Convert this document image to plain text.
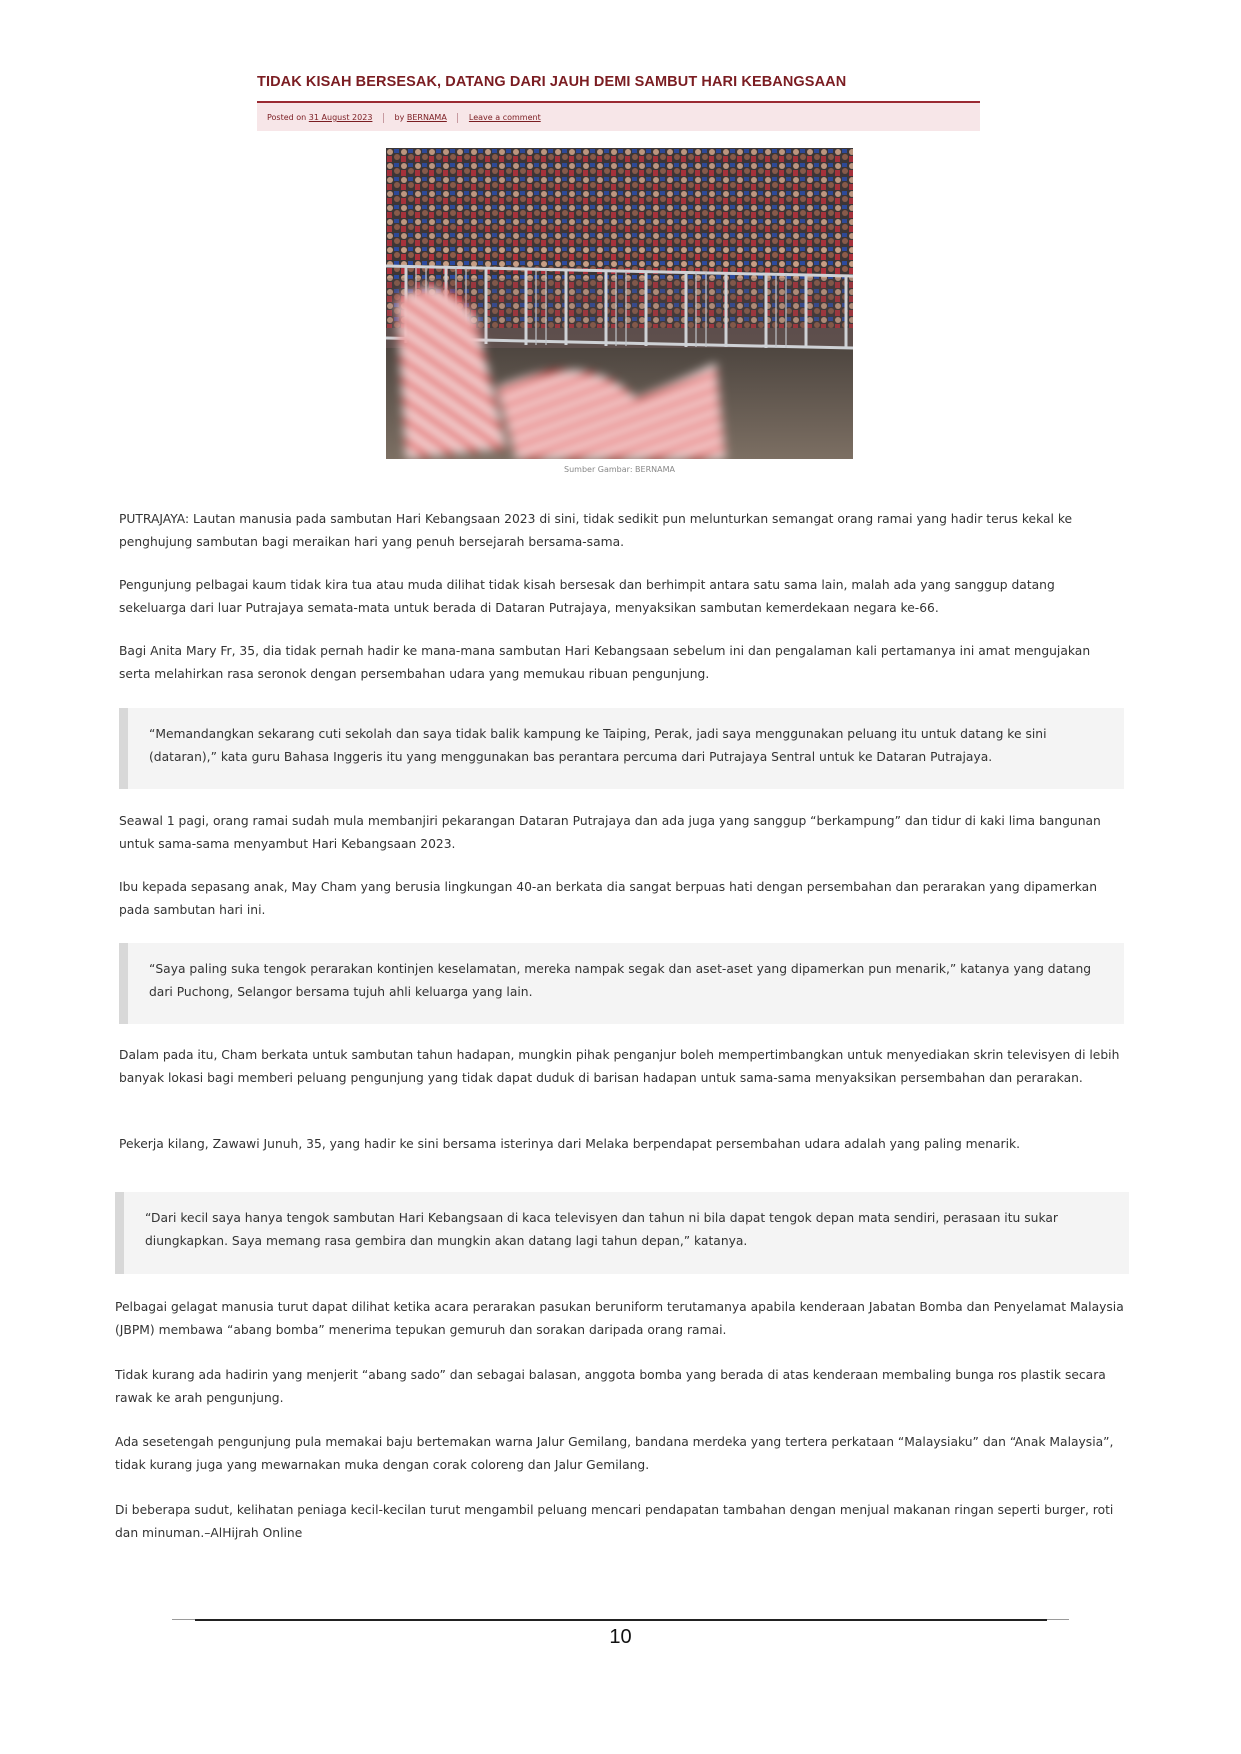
TIDAK KISAH BERSESAK, DATANG DARI JAUH DEMI SAMBUT HARI KEBANGSAAN
Posted on 31 August 2023	by BERNAMA	Leave a comment
Sumber Gambar: BERNAMA

PUTRAJAYA: Lautan manusia pada sambutan Hari Kebangsaan 2023 di sini, tidak sedikit pun melunturkan semangat orang ramai yang hadir terus kekal ke penghujung sambutan bagi meraikan hari yang penuh bersejarah bersama-sama.

Pengunjung pelbagai kaum tidak kira tua atau muda dilihat tidak kisah bersesak dan berhimpit antara satu sama lain, malah ada yang sanggup datang sekeluarga dari luar Putrajaya semata-mata untuk berada di Dataran Putrajaya, menyaksikan sambutan kemerdekaan negara ke-66.

Bagi Anita Mary Fr, 35, dia tidak pernah hadir ke mana-mana sambutan Hari Kebangsaan sebelum ini dan pengalaman kali pertamanya ini amat mengujakan serta melahirkan rasa seronok dengan persembahan udara yang memukau ribuan pengunjung.

“Memandangkan sekarang cuti sekolah dan saya tidak balik kampung ke Taiping, Perak, jadi saya menggunakan peluang itu untuk datang ke sini (dataran),” kata guru Bahasa Inggeris itu yang menggunakan bas perantara percuma dari Putrajaya Sentral untuk ke Dataran Putrajaya.

Seawal 1 pagi, orang ramai sudah mula membanjiri pekarangan Dataran Putrajaya dan ada juga yang sanggup “berkampung” dan tidur di kaki lima bangunan untuk sama-sama menyambut Hari Kebangsaan 2023.

Ibu kepada sepasang anak, May Cham yang berusia lingkungan 40-an berkata dia sangat berpuas hati dengan persembahan dan perarakan yang dipamerkan pada sambutan hari ini.

“Saya paling suka tengok perarakan kontinjen keselamatan, mereka nampak segak dan aset-aset yang dipamerkan pun menarik,” katanya yang datang dari Puchong, Selangor bersama tujuh ahli keluarga yang lain.

Dalam pada itu, Cham berkata untuk sambutan tahun hadapan, mungkin pihak penganjur boleh mempertimbangkan untuk menyediakan skrin televisyen di lebih banyak lokasi bagi memberi peluang pengunjung yang tidak dapat duduk di barisan hadapan untuk sama-sama menyaksikan persembahan dan perarakan.

Pekerja kilang, Zawawi Junuh, 35, yang hadir ke sini bersama isterinya dari Melaka berpendapat persembahan udara adalah yang paling menarik.

“Dari kecil saya hanya tengok sambutan Hari Kebangsaan di kaca televisyen dan tahun ni bila dapat tengok depan mata sendiri, perasaan itu sukar diungkapkan. Saya memang rasa gembira dan mungkin akan datang lagi tahun depan,” katanya.

Pelbagai gelagat manusia turut dapat dilihat ketika acara perarakan pasukan beruniform terutamanya apabila kenderaan Jabatan Bomba dan Penyelamat Malaysia (JBPM) membawa “abang bomba” menerima tepukan gemuruh dan sorakan daripada orang ramai.

Tidak kurang ada hadirin yang menjerit “abang sado” dan sebagai balasan, anggota bomba yang berada di atas kenderaan membaling bunga ros plastik secara rawak ke arah pengunjung.

Ada sesetengah pengunjung pula memakai baju bertemakan warna Jalur Gemilang, bandana merdeka yang tertera perkataan “Malaysiaku” dan “Anak Malaysia”, tidak kurang juga yang mewarnakan muka dengan corak coloreng dan Jalur Gemilang.

Di beberapa sudut, kelihatan peniaga kecil-kecilan turut mengambil peluang mencari pendapatan tambahan dengan menjual makanan ringan seperti burger, roti dan minuman.–AlHijrah Online

10
